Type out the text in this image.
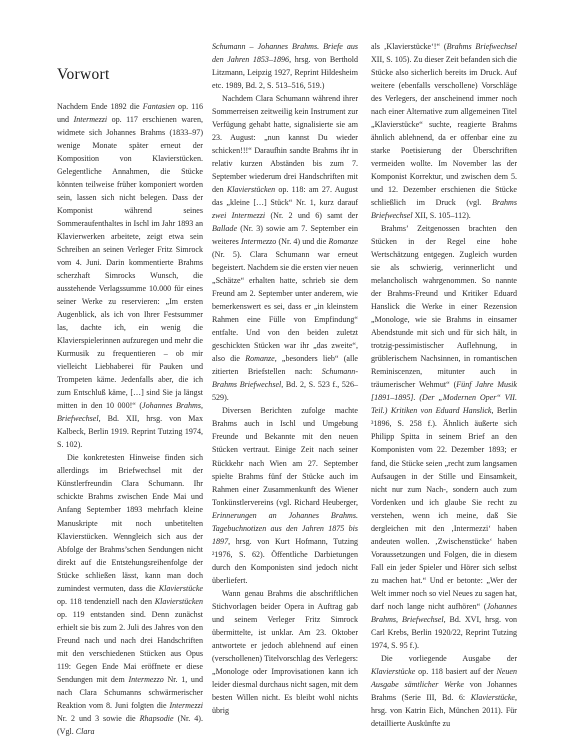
Vorwort

Nachdem Ende 1892 die Fantasien op. 116 und Intermezzi op. 117 erschienen waren, widmete sich Johannes Brahms (1833–97) wenige Monate später erneut der Komposition von Klavierstücken. Gelegentliche Annahmen, die Stücke könnten teilweise früher komponiert worden sein, lassen sich nicht belegen. Dass der Komponist während seines Sommeraufenthaltes in Ischl im Jahr 1893 an Klavierwerken arbeitete, zeigt etwa sein Schreiben an seinen Verleger Fritz Simrock vom 4. Juni. Darin kommentierte Brahms scherzhaft Simrocks Wunsch, die ausstehende Verlagssumme 10.000 für eines seiner Werke zu reservieren: „Im ersten Augenblick, als ich von Ihrer Festsummer las, dachte ich, ein wenig die Klavierspielerinnen aufzuregen und mehr die Kurmusik zu frequentieren – ob mir vielleicht Liebhaberei für Pauken und Trompeten käme. Jedenfalls aber, die ich zum Entschluß käme, […] sind Sie ja längst mitten in den 10 000!“ (Johannes Brahms, Briefwechsel, Bd. XII, hrsg. von Max Kalbeck, Berlin 1919. Reprint Tutzing 1974, S. 102).

Die konkretesten Hinweise finden sich allerdings im Briefwechsel mit der Künstlerfreundin Clara Schumann. Ihr schickte Brahms zwischen Ende Mai und Anfang September 1893 mehrfach kleine Manuskripte mit noch unbetitelten Klavierstücken. Wenngleich sich aus der Abfolge der Brahms’schen Sendungen nicht direkt auf die Entstehungsreihenfolge der Stücke schließen lässt, kann man doch zumindest vermuten, dass die Klavierstücke op. 118 tendenziell nach den Klavierstücken op. 119 entstanden sind. Denn zunächst erhielt sie bis zum 2. Juli des Jahres von den Freund nach und nach drei Handschriften mit den verschiedenen Stücken aus Opus 119: Gegen Ende Mai eröffnete er diese Sendungen mit dem Intermezzo Nr. 1, und nach Clara Schumanns schwärmerischer Reaktion vom 8. Juni folgten die Intermezzi Nr. 2 und 3 sowie die Rhapsodie (Nr. 4). (Vgl. Clara

Schumann – Johannes Brahms. Briefe aus den Jahren 1853–1896, hrsg. von Berthold Litzmann, Leipzig 1927, Reprint Hildesheim etc. 1989, Bd. 2, S. 513–516, 519.)

Nachdem Clara Schumann während ihrer Sommerreisen zeitweilig kein Instrument zur Verfügung gehabt hatte, signalisierte sie am 23. August: „nun kannst Du wieder schicken!!!“ Daraufhin sandte Brahms ihr in relativ kurzen Abständen bis zum 7. September wiederum drei Handschriften mit den Klavierstücken op. 118: am 27. August das „kleine […] Stück“ Nr. 1, kurz darauf zwei Intermezzi (Nr. 2 und 6) samt der Ballade (Nr. 3) sowie am 7. September ein weiteres Intermezzo (Nr. 4) und die Romanze (Nr. 5). Clara Schumann war erneut begeistert. Nachdem sie die ersten vier neuen „Schätze“ erhalten hatte, schrieb sie dem Freund am 2. September unter anderem, wie bemerkenswert es sei, dass er „in kleinstem Rahmen eine Fülle von Empfindung“ entfalte. Und von den beiden zuletzt geschickten Stücken war ihr „das zweite“, also die Romanze, „besonders lieb“ (alle zitierten Briefstellen nach: Schumann-Brahms Briefwechsel, Bd. 2, S. 523 f., 526–529).

Diversen Berichten zufolge machte Brahms auch in Ischl und Umgebung Freunde und Bekannte mit den neuen Stücken vertraut. Einige Zeit nach seiner Rückkehr nach Wien am 27. September spielte Brahms fünf der Stücke auch im Rahmen einer Zusammenkunft des Wiener Tonkünstlervereins (vgl. Richard Heuberger, Erinnerungen an Johannes Brahms. Tagebuchnotizen aus den Jahren 1875 bis 1897, hrsg. von Kurt Hofmann, Tutzing ²1976, S. 62). Öffentliche Darbietungen durch den Komponisten sind jedoch nicht überliefert.

Wann genau Brahms die abschriftlichen Stichvorlagen beider Opera in Auftrag gab und seinem Verleger Fritz Simrock übermittelte, ist unklar. Am 23. Oktober antwortete er jedoch ablehnend auf einen (verschollenen) Titelvorschlag des Verlegers: „Monologe oder Improvisationen kann ich leider diesmal durchaus nicht sagen, mit dem besten Willen nicht. Es bleibt wohl nichts übrig

als ‚Klavierstücke‘!“ (Brahms Briefwechsel XII, S. 105). Zu dieser Zeit befanden sich die Stücke also sicherlich bereits im Druck. Auf weitere (ebenfalls verschollene) Vorschläge des Verlegers, der anscheinend immer noch nach einer Alternative zum allgemeinen Titel „Klavierstücke“ suchte, reagierte Brahms ähnlich ablehnend, da er offenbar eine zu starke Poetisierung der Überschriften vermeiden wollte. Im November las der Komponist Korrektur, und zwischen dem 5. und 12. Dezember erschienen die Stücke schließlich im Druck (vgl. Brahms Briefwechsel XII, S. 105–112).

Brahms’ Zeitgenossen brachten den Stücken in der Regel eine hohe Wertschätzung entgegen. Zugleich wurden sie als schwierig, verinnerlicht und melancholisch wahrgenommen. So nannte der Brahms-Freund und Kritiker Eduard Hanslick die Werke in einer Rezension „Monologe, wie sie Brahms in einsamer Abendstunde mit sich und für sich hält, in trotzig-pessimistischer Auflehnung, in grüblerischem Nachsinnen, in romantischen Reminiscenzen, mitunter auch in träumerischer Wehmut“ (Fünf Jahre Musik [1891–1895]. (Der „Modernen Oper“ VII. Teil.) Kritiken von Eduard Hanslick, Berlin ³1896, S. 258 f.). Ähnlich äußerte sich Philipp Spitta in seinem Brief an den Komponisten vom 22. Dezember 1893; er fand, die Stücke seien „recht zum langsamen Aufsaugen in der Stille und Einsamkeit, nicht nur zum Nach-, sondern auch zum Vordenken und ich glaube Sie recht zu verstehen, wenn ich meine, daß Sie dergleichen mit den ‚Intermezzi‘ haben andeuten wollen. ‚Zwischenstücke‘ haben Voraussetzungen und Folgen, die in diesem Fall ein jeder Spieler und Hörer sich selbst zu machen hat.“ Und er betonte: „Wer der Welt immer noch so viel Neues zu sagen hat, darf noch lange nicht aufhören“ (Johannes Brahms, Briefwechsel, Bd. XVI, hrsg. von Carl Krebs, Berlin 1920/22, Reprint Tutzing 1974, S. 95 f.).

Die vorliegende Ausgabe der Klavierstücke op. 118 basiert auf der Neuen Ausgabe sämtlicher Werke von Johannes Brahms (Serie III, Bd. 6: Klavierstücke, hrsg. von Katrin Eich, München 2011). Für detaillierte Auskünfte zu
